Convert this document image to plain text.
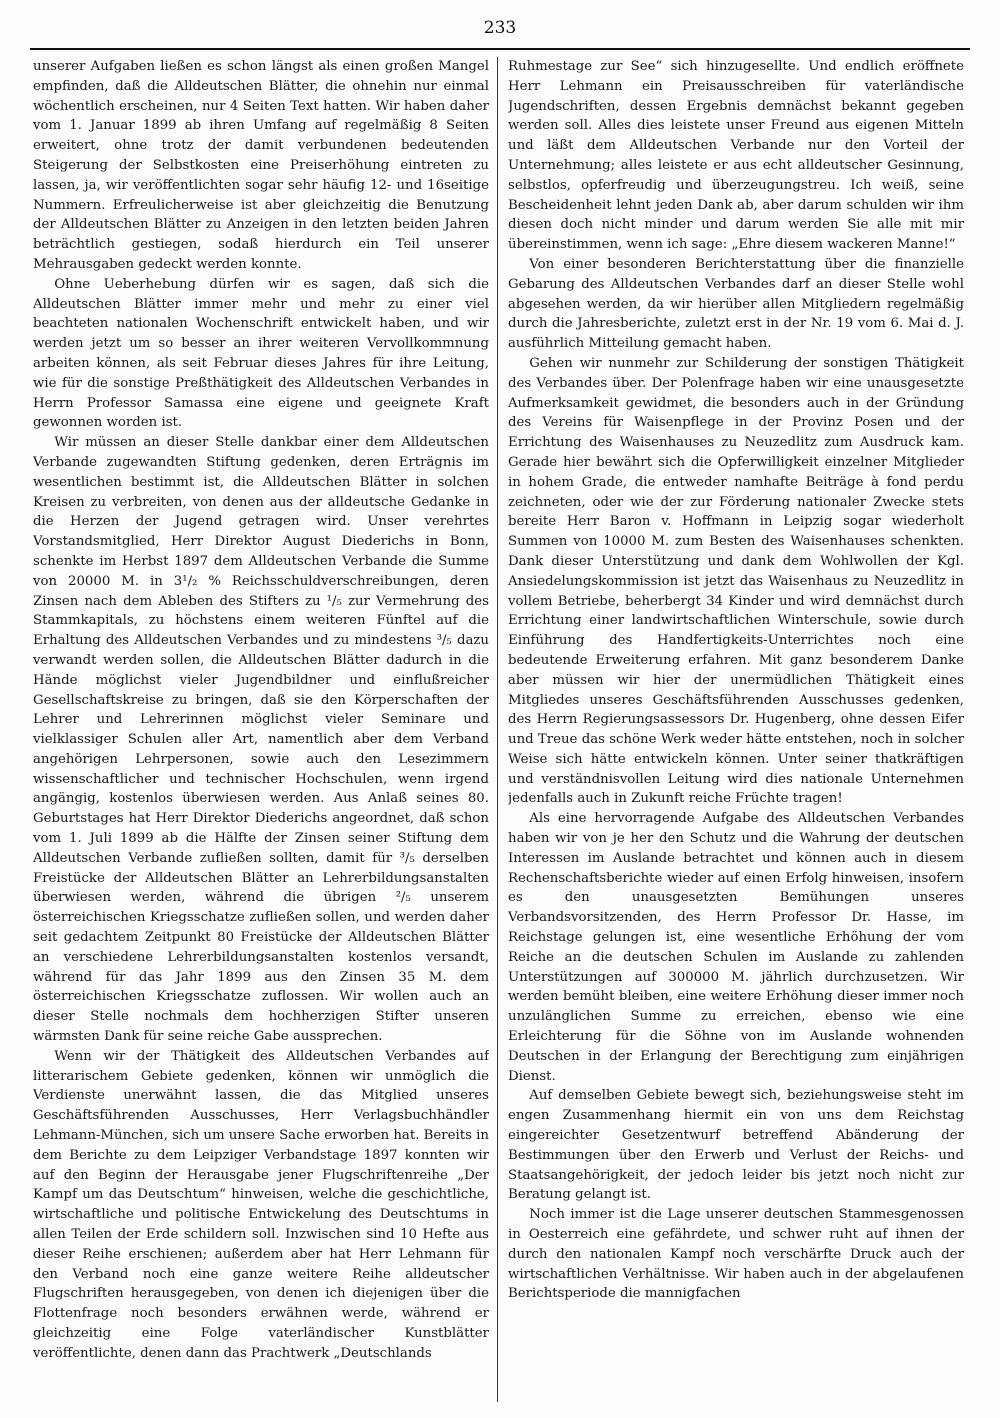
233

unserer Aufgaben ließen es schon längst als einen großen Mangel empfinden, daß die Alldeutschen Blätter, die ohnehin nur einmal wöchentlich erscheinen, nur 4 Seiten Text hatten. Wir haben daher vom 1. Januar 1899 ab ihren Umfang auf regelmäßig 8 Seiten erweitert, ohne trotz der damit verbundenen bedeutenden Steigerung der Selbstkosten eine Preiserhöhung eintreten zu lassen, ja, wir veröffentlichten sogar sehr häufig 12- und 16seitige Nummern. Erfreulicherweise ist aber gleichzeitig die Benutzung der Alldeutschen Blätter zu Anzeigen in den letzten beiden Jahren beträchtlich gestiegen, sodaß hierdurch ein Teil unserer Mehrausgaben gedeckt werden konnte.

Ohne Ueberhebung dürfen wir es sagen, daß sich die Alldeutschen Blätter immer mehr und mehr zu einer viel beachteten nationalen Wochenschrift entwickelt haben, und wir werden jetzt um so besser an ihrer weiteren Vervollkommnung arbeiten können, als seit Februar dieses Jahres für ihre Leitung, wie für die sonstige Preßthätigkeit des Alldeutschen Verbandes in Herrn Professor Samassa eine eigene und geeignete Kraft gewonnen worden ist.

Wir müssen an dieser Stelle dankbar einer dem Alldeutschen Verbande zugewandten Stiftung gedenken, deren Erträgnis im wesentlichen bestimmt ist, die Alldeutschen Blätter in solchen Kreisen zu verbreiten, von denen aus der alldeutsche Gedanke in die Herzen der Jugend getragen wird. Unser verehrtes Vorstandsmitglied, Herr Direktor August Diederichs in Bonn, schenkte im Herbst 1897 dem Alldeutschen Verbande die Summe von 20000 M. in 3¹/₂ % Reichsschuldverschreibungen, deren Zinsen nach dem Ableben des Stifters zu ¹/₅ zur Vermehrung des Stammkapitals, zu höchstens einem weiteren Fünftel auf die Erhaltung des Alldeutschen Verbandes und zu mindestens ³/₅ dazu verwandt werden sollen, die Alldeutschen Blätter dadurch in die Hände möglichst vieler Jugendbildner und einflußreicher Gesellschaftskreise zu bringen, daß sie den Körperschaften der Lehrer und Lehrerinnen möglichst vieler Seminare und vielklassiger Schulen aller Art, namentlich aber dem Verband angehörigen Lehrpersonen, sowie auch den Lesezimmern wissenschaftlicher und technischer Hochschulen, wenn irgend angängig, kostenlos überwiesen werden. Aus Anlaß seines 80. Geburtstages hat Herr Direktor Diederichs angeordnet, daß schon vom 1. Juli 1899 ab die Hälfte der Zinsen seiner Stiftung dem Alldeutschen Verbande zufließen sollten, damit für ³/₅ derselben Freistücke der Alldeutschen Blätter an Lehrerbildungsanstalten überwiesen werden, während die übrigen ²/₅ unserem österreichischen Kriegsschatze zufließen sollen, und werden daher seit gedachtem Zeitpunkt 80 Freistücke der Alldeutschen Blätter an verschiedene Lehrerbildungsanstalten kostenlos versandt, während für das Jahr 1899 aus den Zinsen 35 M. dem österreichischen Kriegsschatze zuflossen. Wir wollen auch an dieser Stelle nochmals dem hochherzigen Stifter unseren wärmsten Dank für seine reiche Gabe aussprechen.

Wenn wir der Thätigkeit des Alldeutschen Verbandes auf litterarischem Gebiete gedenken, können wir unmöglich die Verdienste unerwähnt lassen, die das Mitglied unseres Geschäftsführenden Ausschusses, Herr Verlagsbuchhändler Lehmann-München, sich um unsere Sache erworben hat. Bereits in dem Berichte zu dem Leipziger Verbandstage 1897 konnten wir auf den Beginn der Herausgabe jener Flugschriftenreihe „Der Kampf um das Deutschtum“ hinweisen, welche die geschichtliche, wirtschaftliche und politische Entwickelung des Deutschtums in allen Teilen der Erde schildern soll. Inzwischen sind 10 Hefte aus dieser Reihe erschienen; außerdem aber hat Herr Lehmann für den Verband noch eine ganze weitere Reihe alldeutscher Flugschriften herausgegeben, von denen ich diejenigen über die Flottenfrage noch besonders erwähnen werde, während er gleichzeitig eine Folge vaterländischer Kunstblätter veröffentlichte, denen dann das Prachtwerk „Deutschlands

Ruhmestage zur See“ sich hinzugesellte. Und endlich eröffnete Herr Lehmann ein Preisausschreiben für vaterländische Jugendschriften, dessen Ergebnis demnächst bekannt gegeben werden soll. Alles dies leistete unser Freund aus eigenen Mitteln und läßt dem Alldeutschen Verbande nur den Vorteil der Unternehmung; alles leistete er aus echt alldeutscher Gesinnung, selbstlos, opferfreudig und überzeugungstreu. Ich weiß, seine Bescheidenheit lehnt jeden Dank ab, aber darum schulden wir ihm diesen doch nicht minder und darum werden Sie alle mit mir übereinstimmen, wenn ich sage: „Ehre diesem wackeren Manne!“

Von einer besonderen Berichterstattung über die finanzielle Gebarung des Alldeutschen Verbandes darf an dieser Stelle wohl abgesehen werden, da wir hierüber allen Mitgliedern regelmäßig durch die Jahresberichte, zuletzt erst in der Nr. 19 vom 6. Mai d. J. ausführlich Mitteilung gemacht haben.

Gehen wir nunmehr zur Schilderung der sonstigen Thätigkeit des Verbandes über. Der Polenfrage haben wir eine unausgesetzte Aufmerksamkeit gewidmet, die besonders auch in der Gründung des Vereins für Waisenpflege in der Provinz Posen und der Errichtung des Waisenhauses zu Neuzedlitz zum Ausdruck kam. Gerade hier bewährt sich die Opferwilligkeit einzelner Mitglieder in hohem Grade, die entweder namhafte Beiträge à fond perdu zeichneten, oder wie der zur Förderung nationaler Zwecke stets bereite Herr Baron v. Hoffmann in Leipzig sogar wiederholt Summen von 10000 M. zum Besten des Waisenhauses schenkten. Dank dieser Unterstützung und dank dem Wohlwollen der Kgl. Ansiedelungskommission ist jetzt das Waisenhaus zu Neuzedlitz in vollem Betriebe, beherbergt 34 Kinder und wird demnächst durch Errichtung einer landwirtschaftlichen Winterschule, sowie durch Einführung des Handfertigkeits-Unterrichtes noch eine bedeutende Erweiterung erfahren. Mit ganz besonderem Danke aber müssen wir hier der unermüdlichen Thätigkeit eines Mitgliedes unseres Geschäftsführenden Ausschusses gedenken, des Herrn Regierungsassessors Dr. Hugenberg, ohne dessen Eifer und Treue das schöne Werk weder hätte entstehen, noch in solcher Weise sich hätte entwickeln können. Unter seiner thatkräftigen und verständnisvollen Leitung wird dies nationale Unternehmen jedenfalls auch in Zukunft reiche Früchte tragen!

Als eine hervorragende Aufgabe des Alldeutschen Verbandes haben wir von je her den Schutz und die Wahrung der deutschen Interessen im Auslande betrachtet und können auch in diesem Rechenschaftsberichte wieder auf einen Erfolg hinweisen, insofern es den unausgesetzten Bemühungen unseres Verbandsvorsitzenden, des Herrn Professor Dr. Hasse, im Reichstage gelungen ist, eine wesentliche Erhöhung der vom Reiche an die deutschen Schulen im Auslande zu zahlenden Unterstützungen auf 300000 M. jährlich durchzusetzen. Wir werden bemüht bleiben, eine weitere Erhöhung dieser immer noch unzulänglichen Summe zu erreichen, ebenso wie eine Erleichterung für die Söhne von im Auslande wohnenden Deutschen in der Erlangung der Berechtigung zum einjährigen Dienst.

Auf demselben Gebiete bewegt sich, beziehungsweise steht im engen Zusammenhang hiermit ein von uns dem Reichstag eingereichter Gesetzentwurf betreffend Abänderung der Bestimmungen über den Erwerb und Verlust der Reichs- und Staatsangehörigkeit, der jedoch leider bis jetzt noch nicht zur Beratung gelangt ist.

Noch immer ist die Lage unserer deutschen Stammesgenossen in Oesterreich eine gefährdete, und schwer ruht auf ihnen der durch den nationalen Kampf noch verschärfte Druck auch der wirtschaftlichen Verhältnisse. Wir haben auch in der abgelaufenen Berichtsperiode die mannigfachen
